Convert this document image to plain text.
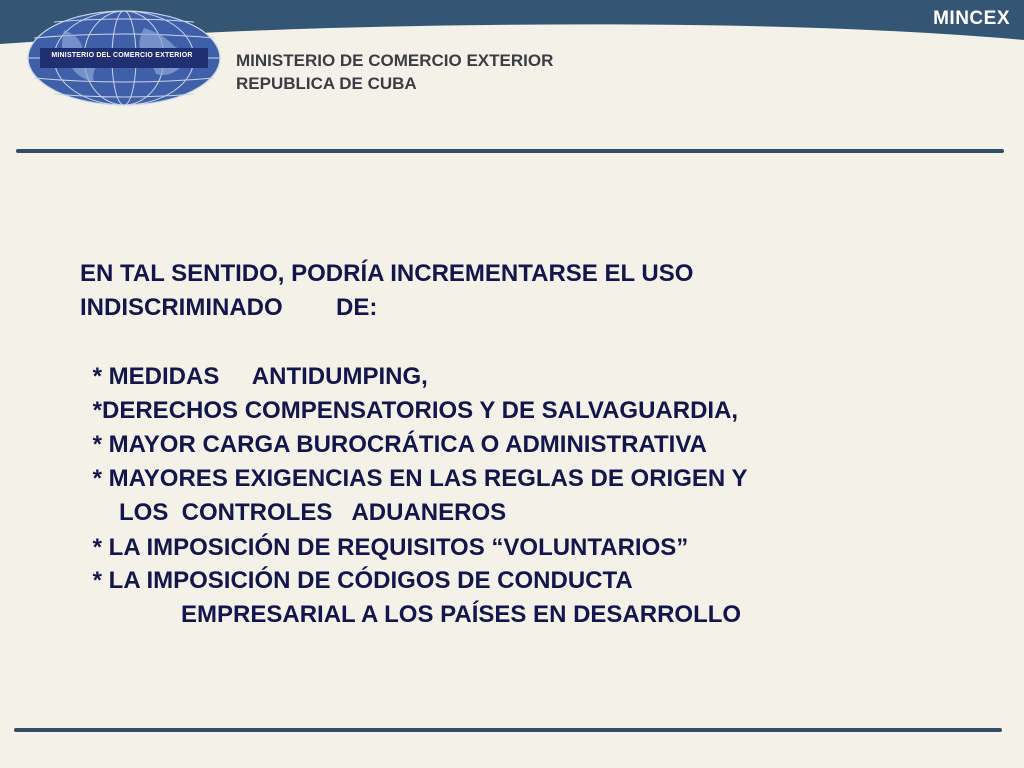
MINISTERIO DEL COMERCIO EXTERIOR	MINISTERIO DE COMERCIO EXTERIOR
REPUBLICA DE CUBA
MINCEX
EN TAL SENTIDO, PODRÍA INCREMENTARSE EL USO
INDISCRIMINADO        DE:
* MEDIDAS     ANTIDUMPING,
*DERECHOS COMPENSATORIOS Y DE SALVAGUARDIA,
* MAYOR CARGA BUROCRÁTICA O ADMINISTRATIVA
* MAYORES EXIGENCIAS EN LAS REGLAS DE ORIGEN Y
LOS  CONTROLES   ADUANEROS
* LA IMPOSICIÓN DE REQUISITOS “VOLUNTARIOS”
* LA IMPOSICIÓN DE CÓDIGOS DE CONDUCTA
EMPRESARIAL A LOS PAÍSES EN DESARROLLO
